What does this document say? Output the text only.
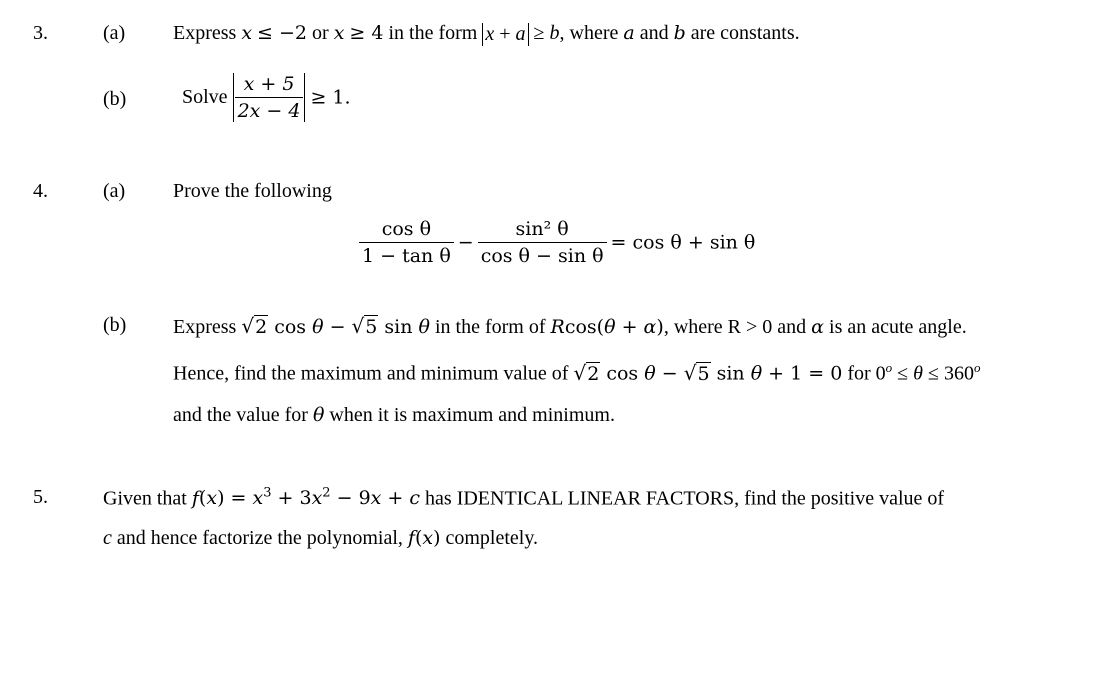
3.	(a) Express x ≤ −2 or x ≥ 4 in the form x + a ≥ b, where a and b are constants.
(b)	Solve $\frac{x + 5}{2x - 4} \ge 1$.
4.	(a) Prove the following
$\frac{\text{cos θ}}{\text{1 − tan θ}} - \frac{\text{sin² θ}}{\text{cos θ − sin θ}} = \cos \theta + \sin \theta$
(b) Express √ 2 cos θ − √ 5 sin θ in the form of Rcos(θ + α), where R > 0 and α is an acute angle.
Hence, find the maximum and minimum value of √ 2 cos θ − √ 5 sin θ + 1 = 0 for $0^o \le \theta \le 360^o$
and the value for θ when it is maximum and minimum.
5.	Given that $f(x) = x^3 + 3x^2 - 9x + c$ has IDENTICAL LINEAR FACTORS, find the positive value of
c and hence factorize the polynomial, f(x) completely.
